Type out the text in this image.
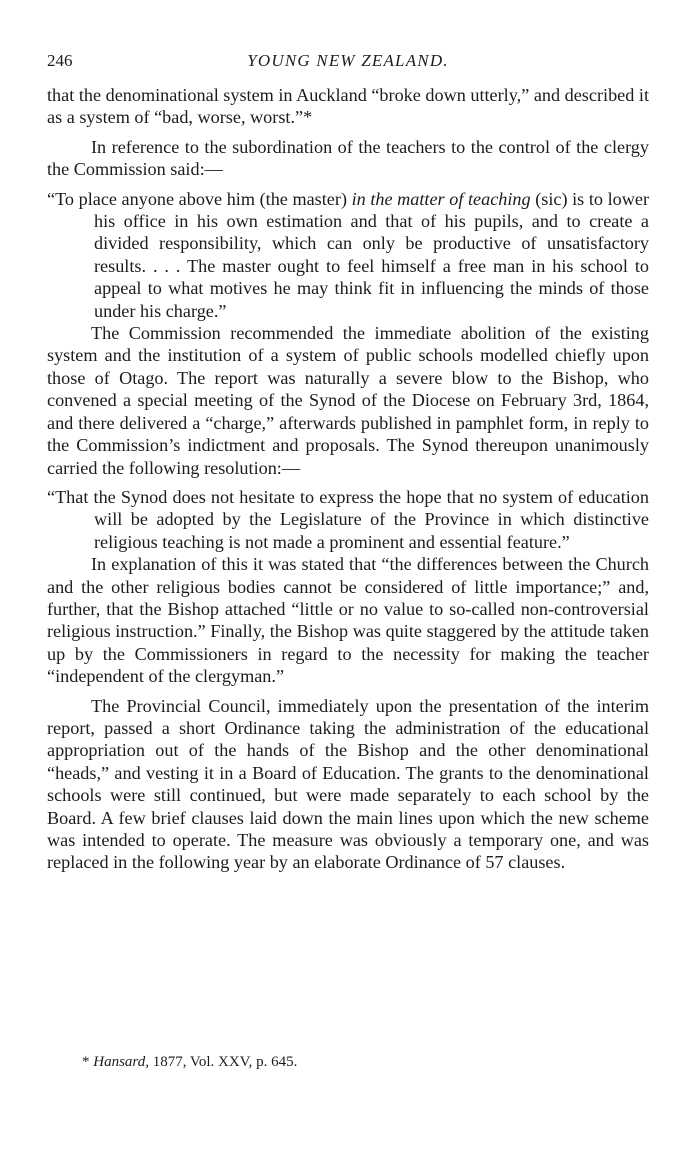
246	YOUNG NEW ZEALAND.

that the denominational system in Auckland “broke down utterly,” and described it as a system of “bad, worse, worst.”*

In reference to the subordination of the teachers to the control of the clergy the Commission said:—

“To place anyone above him (the master) in the matter of teaching (sic) is to lower his office in his own estimation and that of his pupils, and to create a divided responsibility, which can only be productive of unsatisfactory results. . . . The master ought to feel himself a free man in his school to appeal to what motives he may think fit in influencing the minds of those under his charge.”

The Commission recommended the immediate abolition of the existing system and the institution of a system of public schools modelled chiefly upon those of Otago. The report was naturally a severe blow to the Bishop, who convened a special meeting of the Synod of the Diocese on February 3rd, 1864, and there delivered a “charge,” afterwards published in pamphlet form, in reply to the Commission’s indictment and proposals. The Synod thereupon unanimously carried the following resolution:—

“That the Synod does not hesitate to express the hope that no system of education will be adopted by the Legislature of the Province in which distinctive religious teaching is not made a prominent and essential feature.”

In explanation of this it was stated that “the differences between the Church and the other religious bodies cannot be considered of little importance;” and, further, that the Bishop attached “little or no value to so-called non-controversial religious instruction.” Finally, the Bishop was quite staggered by the attitude taken up by the Commissioners in regard to the necessity for making the teacher “independent of the clergyman.”

The Provincial Council, immediately upon the presentation of the interim report, passed a short Ordinance taking the administration of the educational appropriation out of the hands of the Bishop and the other denominational “heads,” and vesting it in a Board of Education. The grants to the denominational schools were still continued, but were made separately to each school by the Board. A few brief clauses laid down the main lines upon which the new scheme was intended to operate. The measure was obviously a temporary one, and was replaced in the following year by an elaborate Ordinance of 57 clauses.

* Hansard, 1877, Vol. XXV, p. 645.
